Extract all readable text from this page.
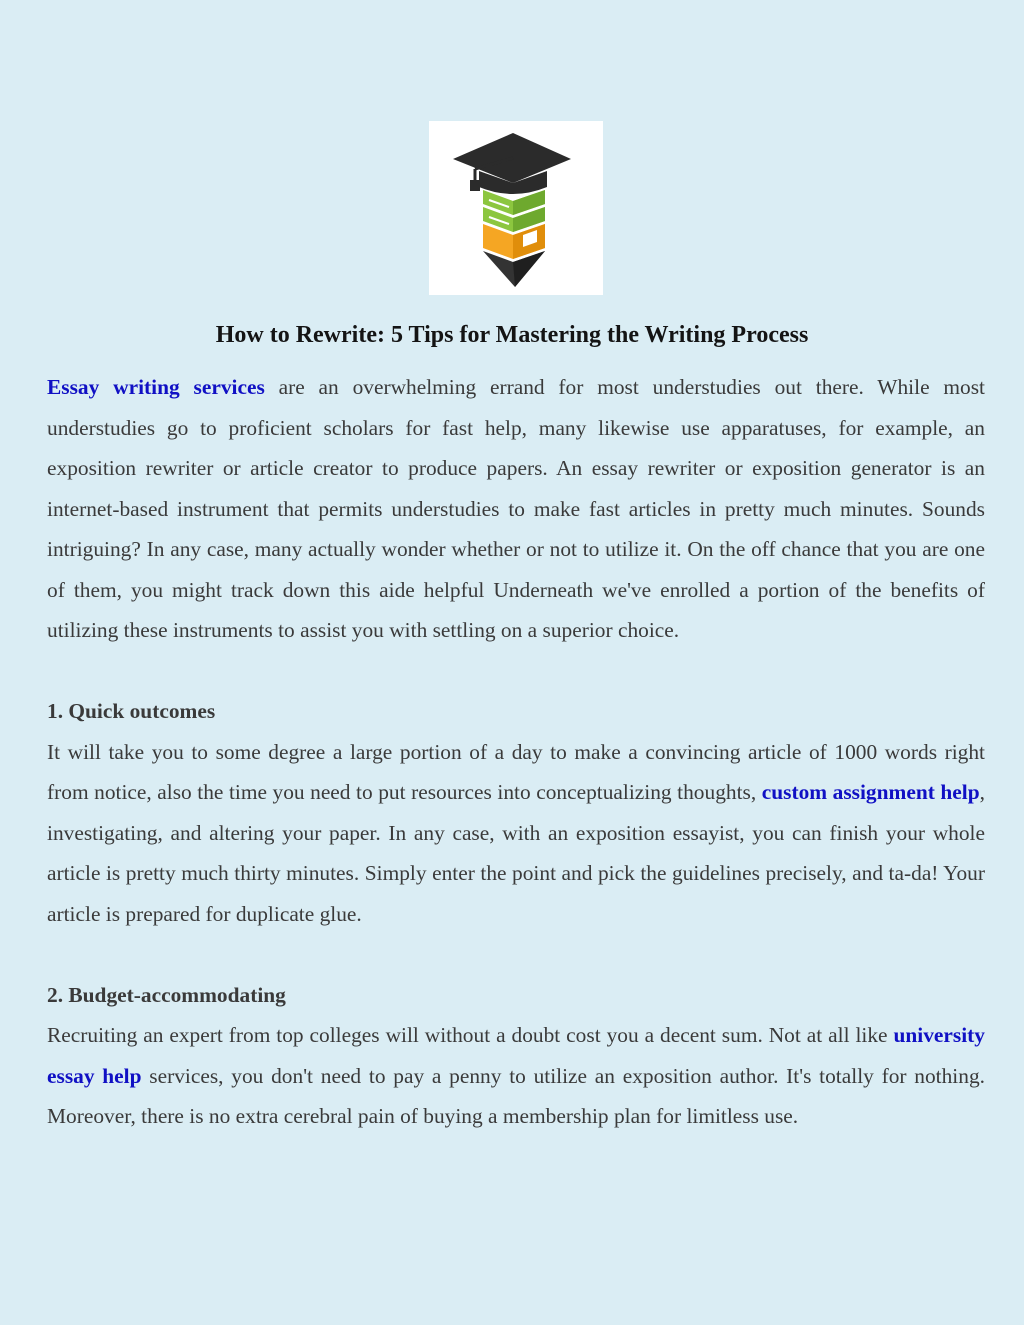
How to Rewrite: 5 Tips for Mastering the Writing Process

Essay writing services are an overwhelming errand for most understudies out there. While most understudies go to proficient scholars for fast help, many likewise use apparatuses, for example, an exposition rewriter or article creator to produce papers. An essay rewriter or exposition generator is an internet-based instrument that permits understudies to make fast articles in pretty much minutes. Sounds intriguing? In any case, many actually wonder whether or not to utilize it. On the off chance that you are one of them, you might track down this aide helpful Underneath we've enrolled a portion of the benefits of utilizing these instruments to assist you with settling on a superior choice.

1. Quick outcomes

It will take you to some degree a large portion of a day to make a convincing article of 1000 words right from notice, also the time you need to put resources into conceptualizing thoughts, custom assignment help, investigating, and altering your paper. In any case, with an exposition essayist, you can finish your whole article is pretty much thirty minutes. Simply enter the point and pick the guidelines precisely, and ta-da! Your article is prepared for duplicate glue.

2. Budget-accommodating

Recruiting an expert from top colleges will without a doubt cost you a decent sum. Not at all like university essay help services, you don't need to pay a penny to utilize an exposition author. It's totally for nothing. Moreover, there is no extra cerebral pain of buying a membership plan for limitless use.
